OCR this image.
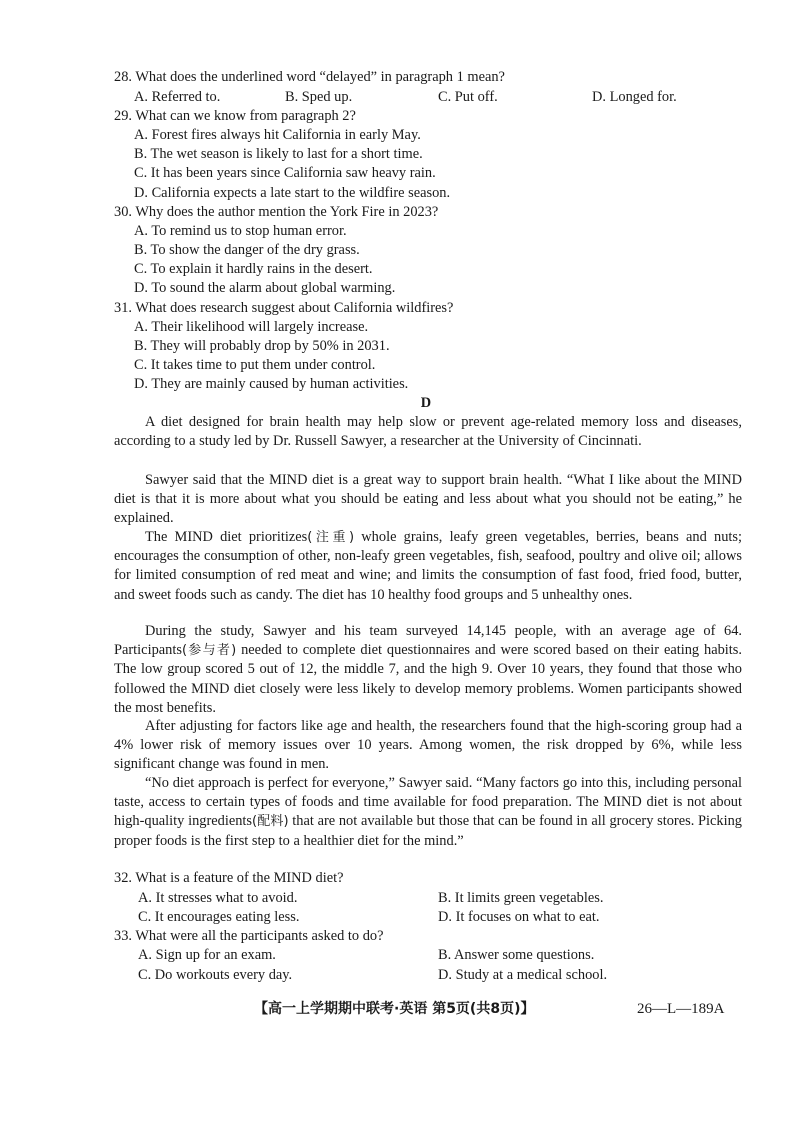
28. What does the underlined word “delayed” in paragraph 1 mean?
A. Referred to.	B. Sped up.	C. Put off.	D. Longed for.
29. What can we know from paragraph 2?
A. Forest fires always hit California in early May.
B. The wet season is likely to last for a short time.
C. It has been years since California saw heavy rain.
D. California expects a late start to the wildfire season.
30. Why does the author mention the York Fire in 2023?
A. To remind us to stop human error.
B. To show the danger of the dry grass.
C. To explain it hardly rains in the desert.
D. To sound the alarm about global warming.
31. What does research suggest about California wildfires?
A. Their likelihood will largely increase.
B. They will probably drop by 50% in 2031.
C. It takes time to put them under control.
D. They are mainly caused by human activities.
D
A diet designed for brain health may help slow or prevent age-related memory loss and diseases, according to a study led by Dr. Russell Sawyer, a researcher at the University of Cincinnati.
Sawyer said that the MIND diet is a great way to support brain health. “What I like about the MIND diet is that it is more about what you should be eating and less about what you should not be eating,” he explained.
The MIND diet prioritizes(注重) whole grains, leafy green vegetables, berries, beans and nuts; encourages the consumption of other, non-leafy green vegetables, fish, seafood, poultry and olive oil; allows for limited consumption of red meat and wine; and limits the consumption of fast food, fried food, butter, and sweet foods such as candy. The diet has 10 healthy food groups and 5 unhealthy ones.
During the study, Sawyer and his team surveyed 14,145 people, with an average age of 64. Participants(参与者) needed to complete diet questionnaires and were scored based on their eating habits. The low group scored 5 out of 12, the middle 7, and the high 9. Over 10 years, they found that those who followed the MIND diet closely were less likely to develop memory problems. Women participants showed the most benefits.
After adjusting for factors like age and health, the researchers found that the high-scoring group had a 4% lower risk of memory issues over 10 years. Among women, the risk dropped by 6%, while less significant change was found in men.
“No diet approach is perfect for everyone,” Sawyer said. “Many factors go into this, including personal taste, access to certain types of foods and time available for food preparation. The MIND diet is not about high-quality ingredients(配料) that are not available but those that can be found in all grocery stores. Picking proper foods is the first step to a healthier diet for the mind.”
32. What is a feature of the MIND diet?
A. It stresses what to avoid.	B. It limits green vegetables.
C. It encourages eating less.	D. It focuses on what to eat.
33. What were all the participants asked to do?
A. Sign up for an exam.	B. Answer some questions.
C. Do workouts every day.	D. Study at a medical school.
【高一上学期期中联考·英语 第5页(共8页)】	26—L—189A
